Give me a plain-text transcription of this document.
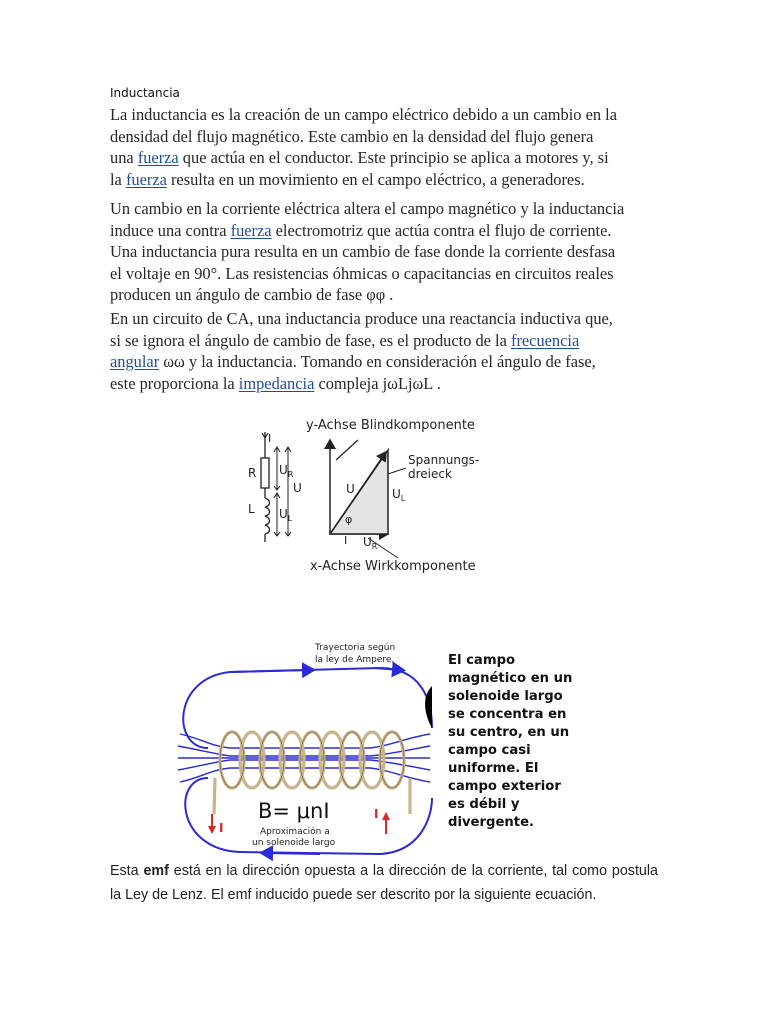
Inductancia

La inductancia es la creación de un campo eléctrico debido a un cambio en la

densidad del flujo magnético. Este cambio en la densidad del flujo genera

una fuerza que actúa en el conductor. Este principio se aplica a motores y, si

la fuerza resulta en un movimiento en el campo eléctrico, a generadores.

Un cambio en la corriente eléctrica altera el campo magnético y la inductancia

induce una contra fuerza electromotriz que actúa contra el flujo de corriente.

Una inductancia pura resulta en un cambio de fase donde la corriente desfasa

el voltaje en 90°. Las resistencias óhmicas o capacitancias en circuitos reales

producen un ángulo de cambio de fase φφ .

En un circuito de CA, una inductancia produce una reactancia inductiva que,

si se ignora el ángulo de cambio de fase, es el producto de la frecuencia

angular ωω y la inductancia. Tomando en consideración el ángulo de fase,

este proporciona la impedancia compleja jωLjωL .

y-Achse Blindkomponente
I
R
L
$U_R$
$U_L$
U	U	$U_L$
φ
I $U_R$
Spannungs-
dreieck
x-Achse Wirkkomponente
Trayectoria según
la ley de Ampere.
I
I
B= μnI
Aproximación a
un solenoide largo
El campo
magnético en un
solenoide largo
se concentra en
su centro, en un
campo casi
uniforme. El
campo exterior
es débil y
divergente.
Esta emf está en la dirección opuesta a la dirección de la corriente, tal como postula la Ley de Lenz. El emf inducido puede ser descrito por la siguiente ecuación.
